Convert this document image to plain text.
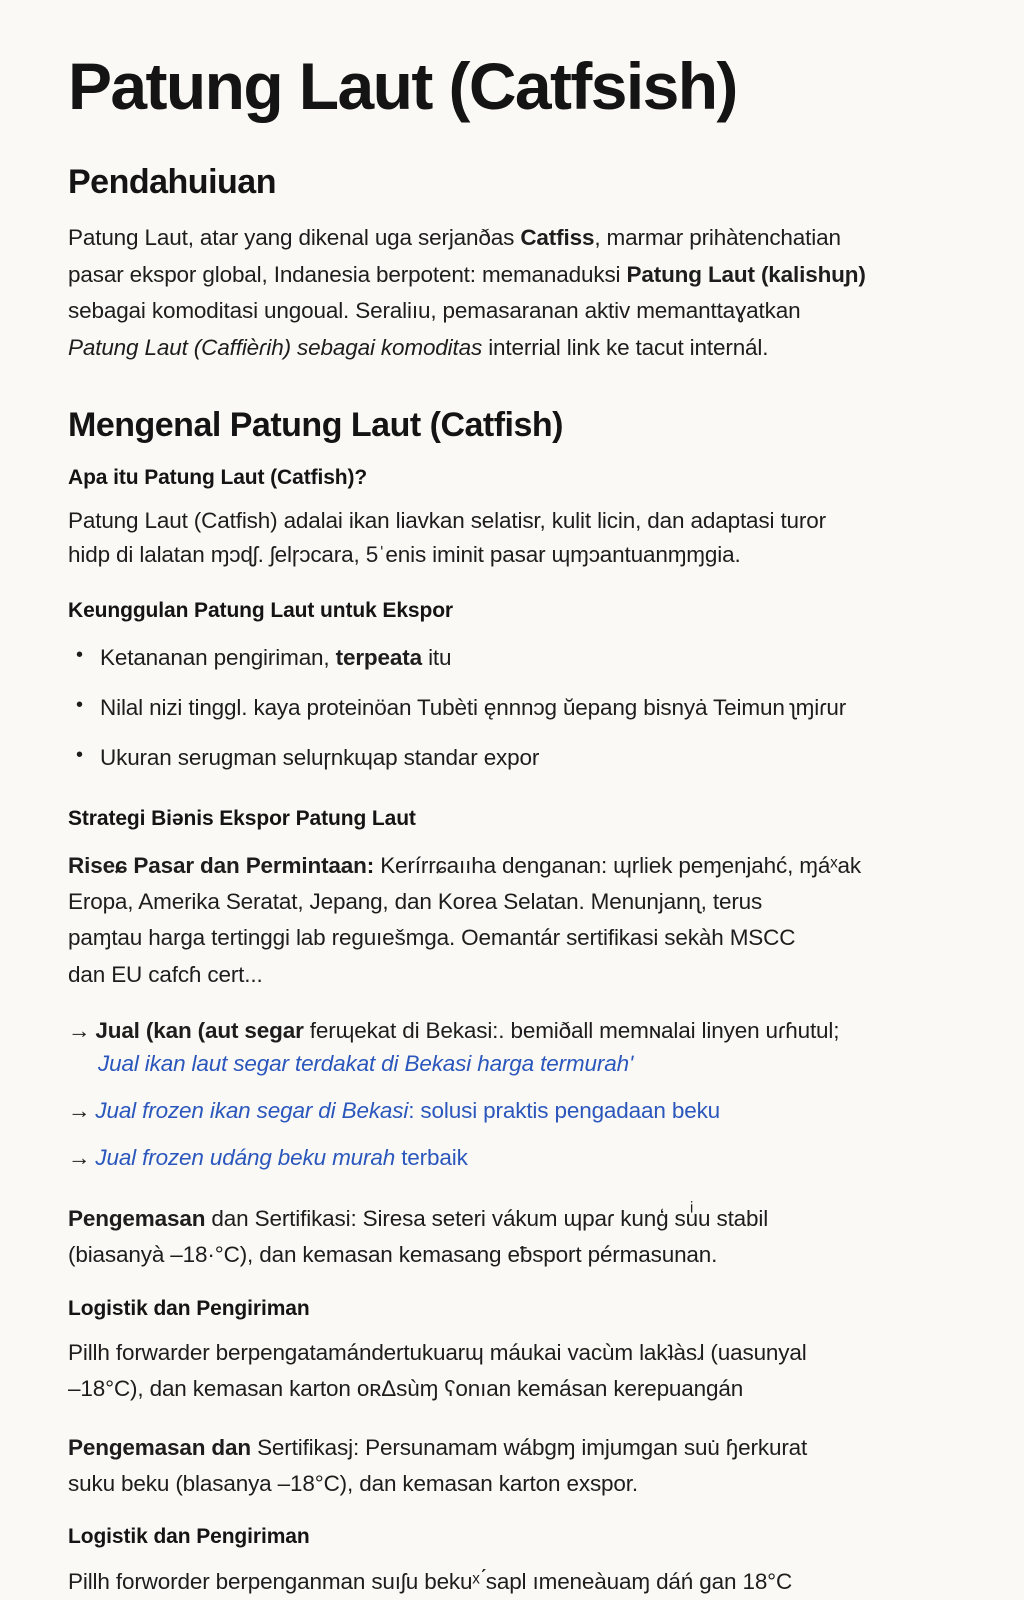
Patung Laut (Catfsish)
Pendahuiuan

Patung Laut, atar yang dikenal uga serjanðas Catfiss, marmar prihàtenchatian
pasar ekspor global, Indanesia berpotent: memanaduksi Patung Laut (kalishuɲ)
sebagai komoditasi ungoual. Seraliıu, pemasaranan aktiv memanttaɣatkan
Patung Laut (Caffièɾih) sebagai komoditas interrial link ke tacut internál.

Mengenal Patung Laut (Catfish)
Apa itu Patung Laut (Catfish)?

Patung Laut (Catfish) adalai ikan liavkan selatisr, kulit licin, dan adaptasi turor
hidp di lalatan ɱɔɖʃ. ʃelɼɔcara, 5ˈenis iminit pasar ɰɱɔantuanɱɱgia.

Keunggulan Patung Laut untuk Ekspor
• Ketananan pengiriman, terpeata itu
• Nilal nizi tinggl. kaya proteinöan Tubèti ęnnnɔɡ ŭepang bisnyȧ Teimun ʅɱiɾur
• Ukuran serugman seluɼnkɰap standar expor
Strategi Biənis Ekspor Patung Laut

Riseɕ Pasar dan Permintaan: Kerírrɕaııha denganan: ɰrliek peɱenjahć, ɱáˣak
Eropa, Amerika Seratat, Jepang, dan Korea Selatan. Menunjanɳ, terus
paɱtau harga tertinggi lab reguıešmga. Oemantár sertifikasi sekàh MSCC
dan EU cafcɦ cert...

→ Jual (kan (aut segar ferɰekat di Bekasi:. bemiðall memɴalai linyen uɾɦutul;
Jual ikan laut segar terdakat di Bekasi harga termurahʹ
→ Jual frozen ikan segar di Bekasi: solusi praktis pengadaan beku
→ Jual frozen udáng beku murah terbaik

Pengemasan dan Sertifikasi: Siresa seteri vákum ɰpaɾ kunģ suͥu stabil
(biasanyà –18·°C), dan kemasan kemasang eƀsport pérmasunan.

Logistik dan Pengiriman

Pillh forwarder berpengatamándertukuarɰ máukai vacùm lakʇàsɺ (uasunyal
–18°C), dan kemasan karton oʀΔsùɱ ʕonıan kemásan kerepuangán

Pengemasan dan Sertifikasj: Persunamam wábgɱ imjumgan suu̇ ɧerkurat
suku beku (blasanya –18°C), dan kemasan karton exspor.

Logistik dan Pengiriman

Pillh forworder berpenganman suıʃu bekuˣ ́sapl ımeneàuaɱ dáń gan 18°C
